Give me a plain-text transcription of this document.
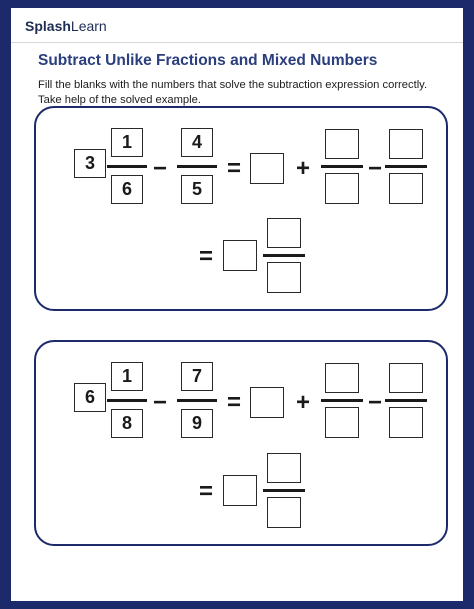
SplashLearn
Subtract Unlike Fractions and Mixed Numbers
Fill the blanks with the numbers that solve the subtraction expression correctly. Take help of the solved example.
3
1
6
−
4
5
= + −
=
6
1
8
−
7
9
= + −
=
